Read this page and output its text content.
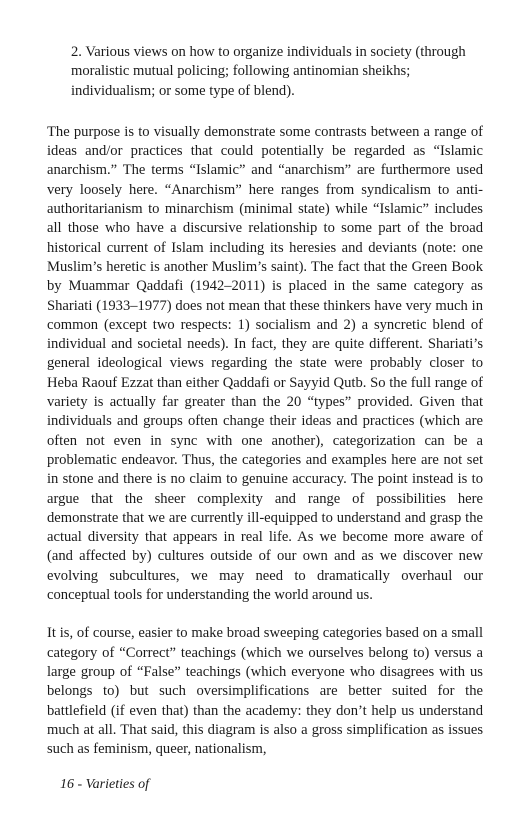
2. Various views on how to organize individuals in society (through moralistic mutual policing; following antinomian sheikhs; individualism; or some type of blend).

The purpose is to visually demonstrate some contrasts between a range of ideas and/or practices that could potentially be regarded as “Islamic anarchism.” The terms “Islamic” and “anarchism” are furthermore used very loosely here. “Anarchism” here ranges from syndicalism to anti-authoritarianism to minarchism (minimal state) while “Islamic” includes all those who have a discursive relationship to some part of the broad historical current of Islam including its heresies and deviants (note: one Muslim’s heretic is another Muslim’s saint). The fact that the Green Book by Muammar Qaddafi (1942–2011) is placed in the same category as Shariati (1933–1977) does not mean that these thinkers have very much in common (except two respects: 1) socialism and 2) a syncretic blend of individual and societal needs). In fact, they are quite different. Shariati’s general ideological views regarding the state were probably closer to Heba Raouf Ezzat than either Qaddafi or Sayyid Qutb. So the full range of variety is actually far greater than the 20 “types” provided. Given that individuals and groups often change their ideas and practices (which are often not even in sync with one another), categorization can be a problematic endeavor. Thus, the categories and examples here are not set in stone and there is no claim to genuine accuracy. The point instead is to argue that the sheer complexity and range of possibilities here demonstrate that we are currently ill-equipped to understand and grasp the actual diversity that appears in real life. As we become more aware of (and affected by) cultures outside of our own and as we discover new evolving subcultures, we may need to dramatically overhaul our conceptual tools for understanding the world around us.

It is, of course, easier to make broad sweeping categories based on a small category of “Correct” teachings (which we ourselves belong to) versus a large group of “False” teachings (which everyone who disagrees with us belongs to) but such oversimplifications are better suited for the battlefield (if even that) than the academy: they don’t help us understand much at all. That said, this diagram is also a gross simplification as issues such as feminism, queer, nationalism,

16 - Varieties of
